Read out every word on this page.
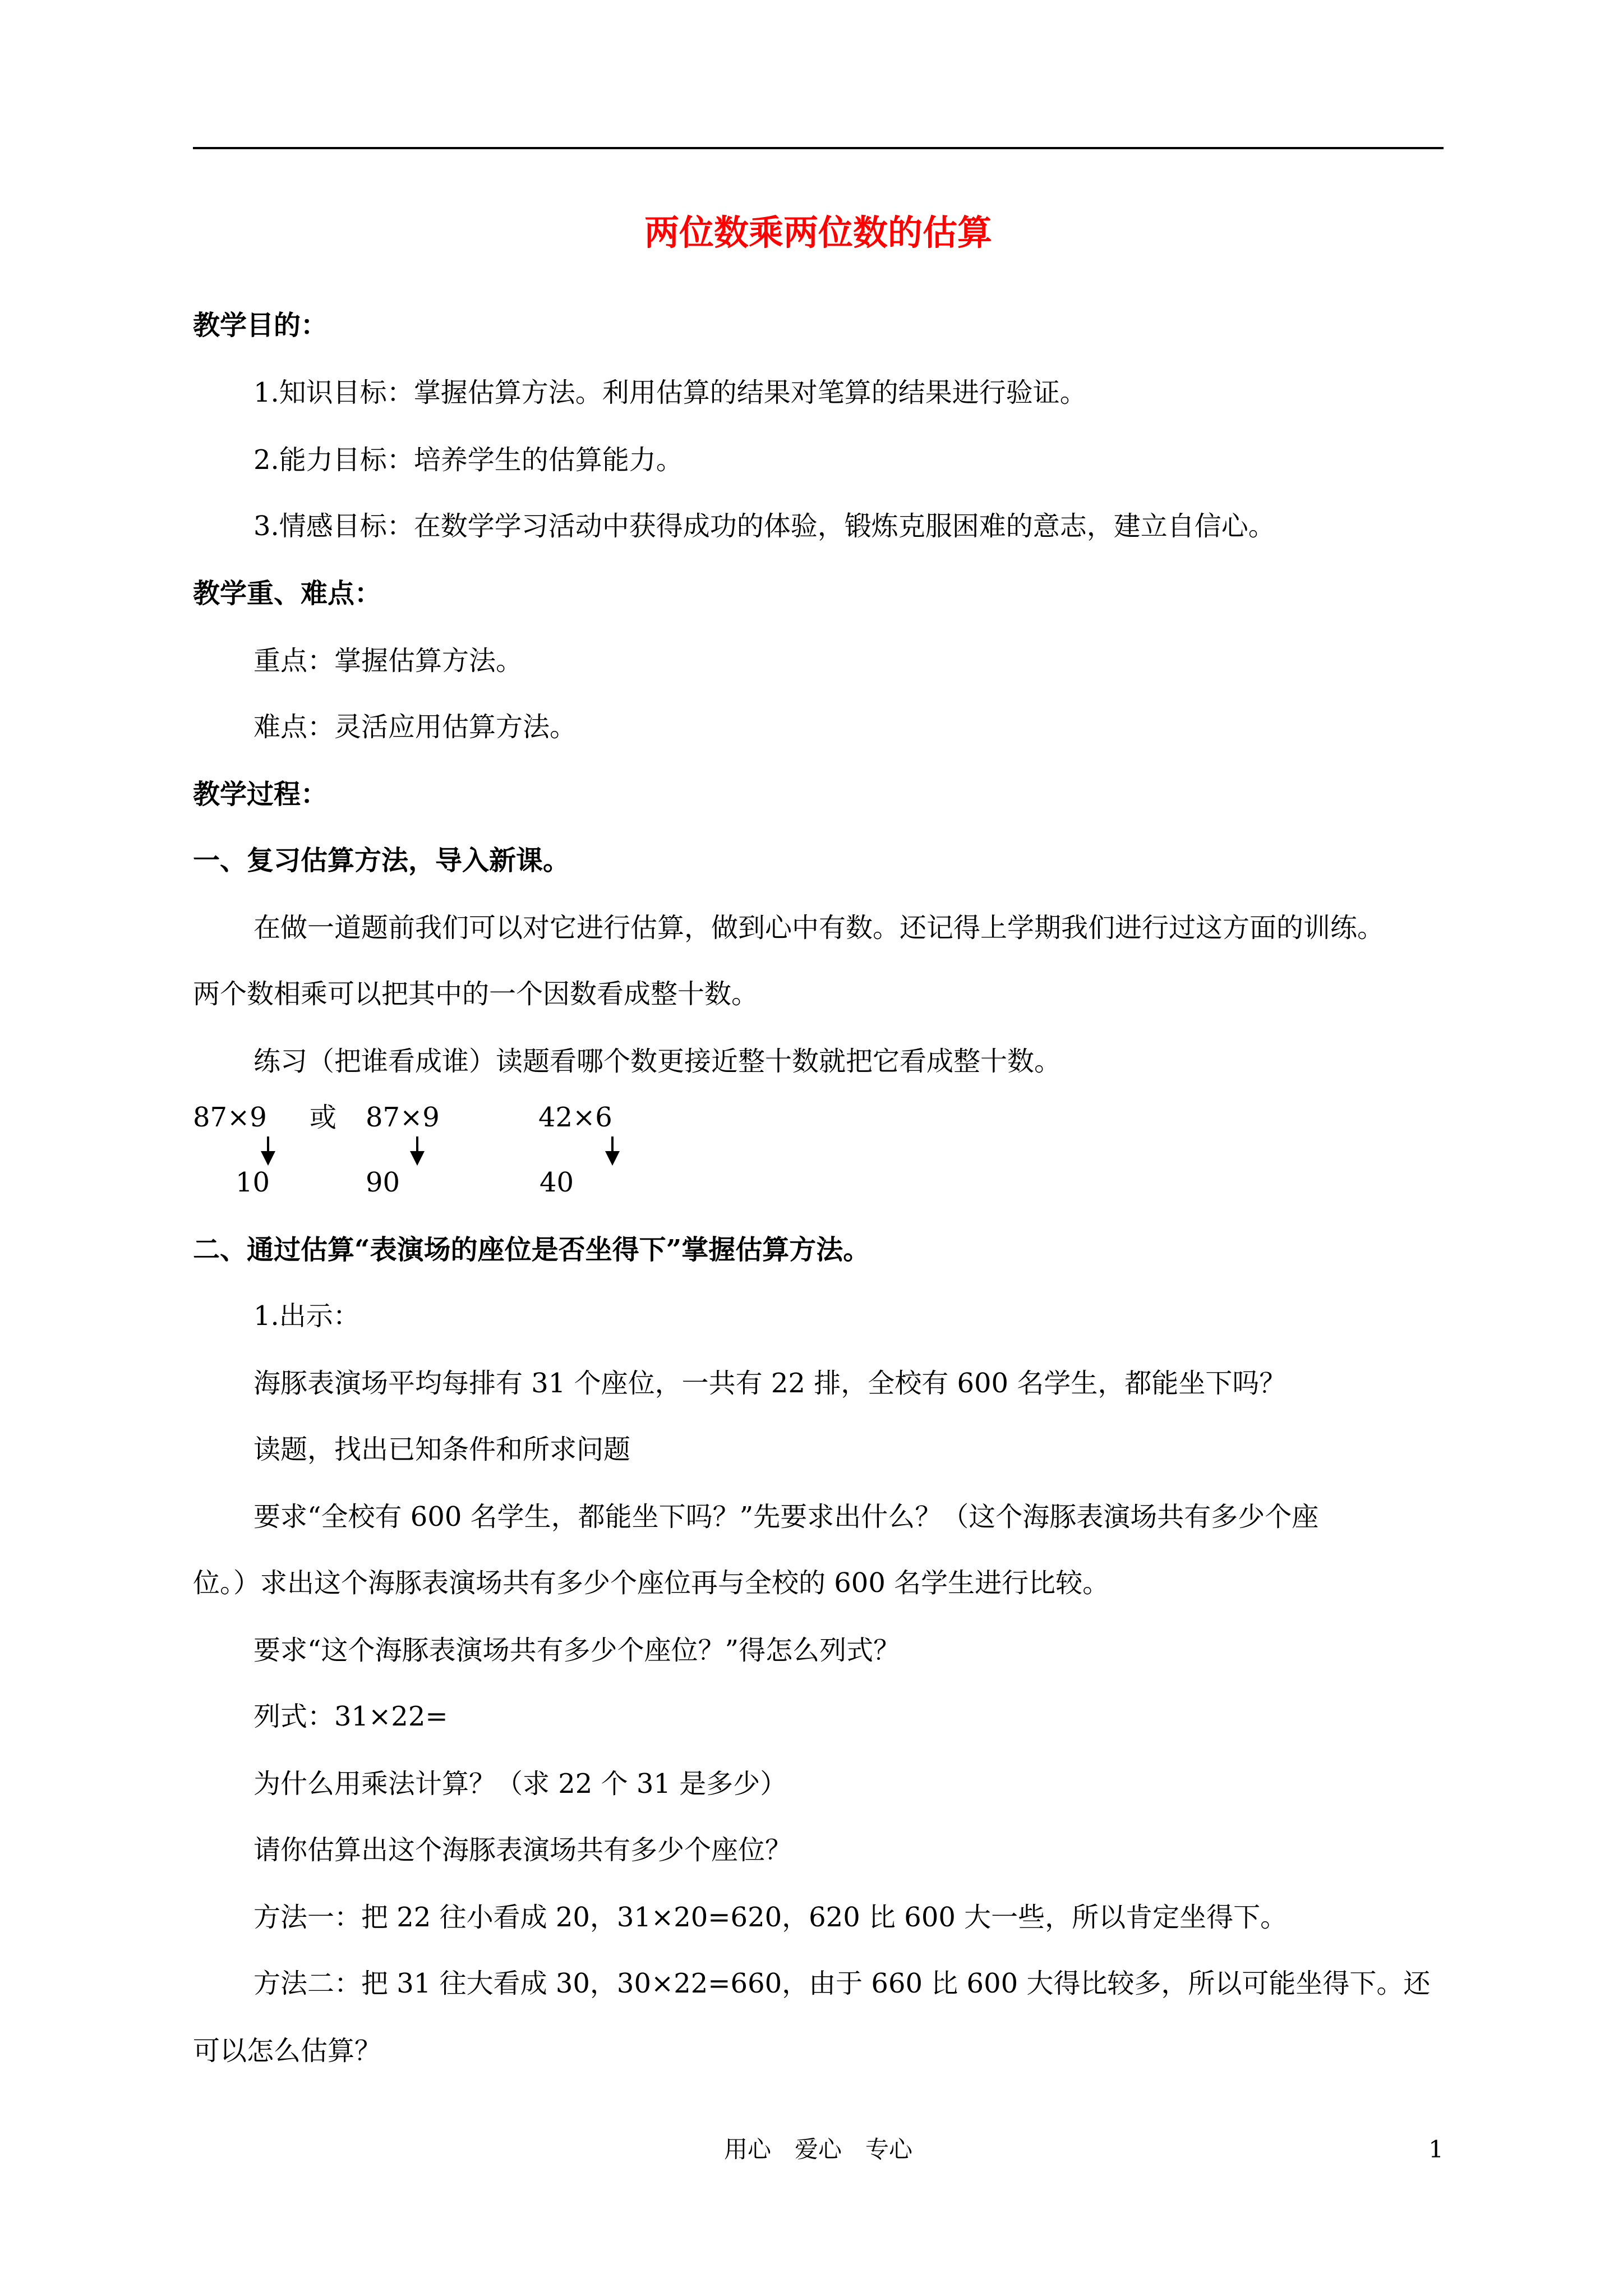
两位数乘两位数的估算
教学目的：
1.知识目标：掌握估算方法。利用估算的结果对笔算的结果进行验证。
2.能力目标：培养学生的估算能力。
3.情感目标：在数学学习活动中获得成功的体验，锻炼克服困难的意志，建立自信心。
教学重、难点：
重点：掌握估算方法。
难点：灵活应用估算方法。
教学过程：
一、复习估算方法，导入新课。
在做一道题前我们可以对它进行估算，做到心中有数。还记得上学期我们进行过这方面的训练。
两个数相乘可以把其中的一个因数看成整十数。
练习（把谁看成谁）读题看哪个数更接近整十数就把它看成整十数。
87×9 或 87×9	42×6
10	90	40
二、通过估算“表演场的座位是否坐得下”掌握估算方法。
1.出示：
海豚表演场平均每排有 31 个座位，一共有 22 排，全校有 600 名学生，都能坐下吗？
读题，找出已知条件和所求问题
要求“全校有 600 名学生，都能坐下吗？”先要求出什么？（这个海豚表演场共有多少个座
位。）求出这个海豚表演场共有多少个座位再与全校的 600 名学生进行比较。
要求“这个海豚表演场共有多少个座位？”得怎么列式？
列式：31×22=
为什么用乘法计算？（求 22 个 31 是多少）
请你估算出这个海豚表演场共有多少个座位？
方法一：把 22 往小看成 20，31×20=620，620 比 600 大一些，所以肯定坐得下。
方法二：把 31 往大看成 30，30×22=660，由于 660 比 600 大得比较多，所以可能坐得下。还
可以怎么估算？
用心　爱心　专心	1
